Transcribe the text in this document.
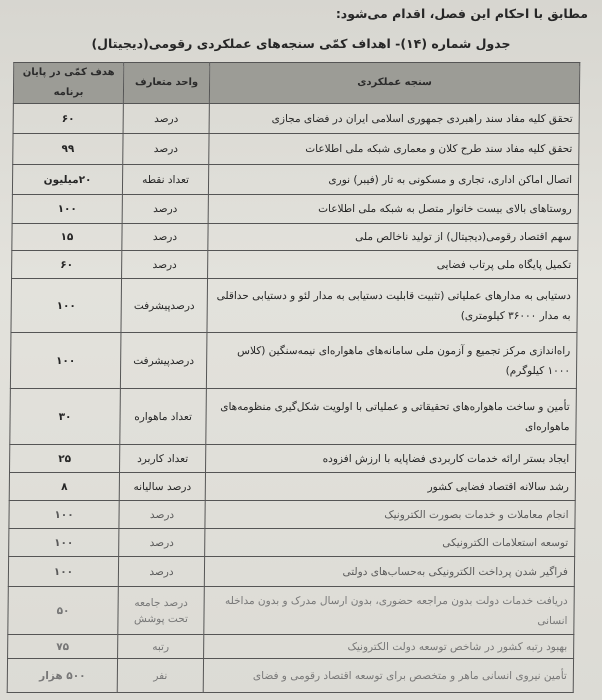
مطابق با احکام این فصل، اقدام می‌شود:
جدول شماره (۱۴)- اهداف کمّی سنجه‌های عملکردی رقومی(دیجیتال)
سنجه عملکردی	واحد متعارف	هدف کمّی در پایان برنامه
تحقق کلیه مفاد سند راهبردی جمهوری اسلامی ایران در فضای مجازی	درصد	۶۰
تحقق کلیه مفاد سند طرح کلان و معماری شبکه ملی اطلاعات	درصد	۹۹
اتصال اماکن اداری، تجاری و مسکونی به تار (فیبر) نوری	تعداد نقطه	۲۰میلیون
روستاهای بالای بیست خانوار متصل به شبکه ملی اطلاعات	درصد	۱۰۰
سهم اقتصاد رقومی(دیجیتال) از تولید ناخالص ملی	درصد	۱۵
تکمیل پایگاه ملی پرتاب فضایی	درصد	۶۰
دستیابی به مدارهای عملیاتی (تثبیت قابلیت دستیابی به مدار لئو و دستیابی حداقلی به مدار ۳۶۰۰۰ کیلومتری)	درصدپیشرفت	۱۰۰
راه‌اندازی مرکز تجمیع و آزمون ملی سامانه‌های ماهواره‌ای نیمه‌سنگین (کلاس ۱۰۰۰ کیلوگرم)	درصدپیشرفت	۱۰۰
تأمین و ساخت ماهواره‌های تحقیقاتی و عملیاتی با اولویت شکل‌گیری منظومه‌های ماهواره‌ای	تعداد ماهواره	۳۰
ایجاد بستر ارائه خدمات کاربردی فضاپایه با ارزش افزوده	تعداد کاربرد	۲۵
رشد سالانه اقتصاد فضایی کشور	درصد سالیانه	۸
انجام معاملات و خدمات بصورت الکترونیک	درصد	۱۰۰
توسعه استعلامات الکترونیکی	درصد	۱۰۰
فراگیر شدن پرداخت الکترونیکی به‌حساب‌های دولتی	درصد	۱۰۰
دریافت خدمات دولت بدون مراجعه حضوری، بدون ارسال مدرک و بدون مداخله انسانی	درصد جامعه تحت پوشش	۵۰
بهبود رتبه کشور در شاخص توسعه دولت الکترونیک	رتبه	۷۵
تأمین نیروی انسانی ماهر و متخصص برای توسعه اقتصاد رقومی و فضای	نفر	۵۰۰ هزار
